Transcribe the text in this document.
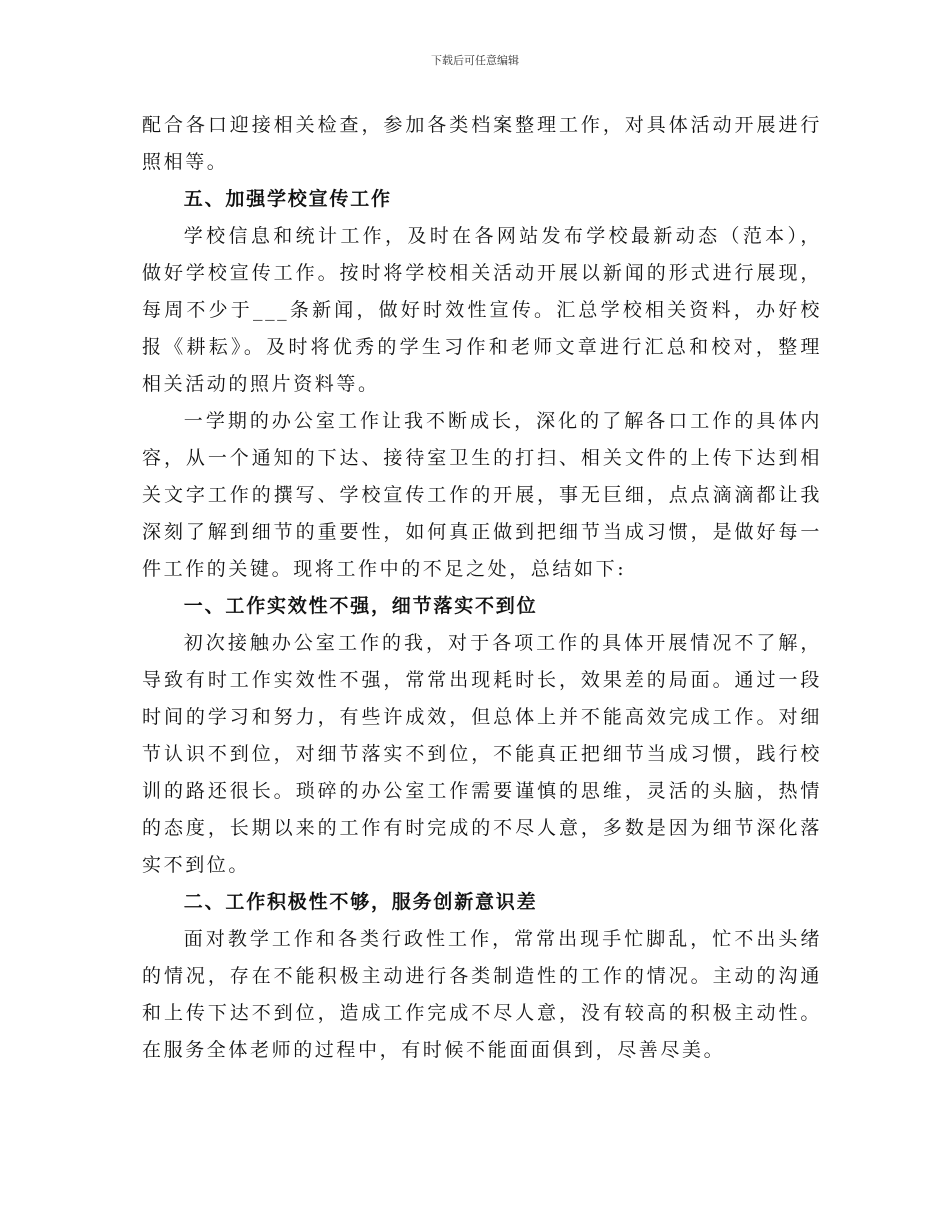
下载后可任意编辑

配合各口迎接相关检查，参加各类档案整理工作，对具体活动开展进行照相等。

五、加强学校宣传工作

学校信息和统计工作，及时在各网站发布学校最新动态（范本），做好学校宣传工作。按时将学校相关活动开展以新闻的形式进行展现，每周不少于___条新闻，做好时效性宣传。汇总学校相关资料，办好校报《耕耘》。及时将优秀的学生习作和老师文章进行汇总和校对，整理相关活动的照片资料等。

一学期的办公室工作让我不断成长，深化的了解各口工作的具体内容，从一个通知的下达、接待室卫生的打扫、相关文件的上传下达到相关文字工作的撰写、学校宣传工作的开展，事无巨细，点点滴滴都让我深刻了解到细节的重要性，如何真正做到把细节当成习惯，是做好每一件工作的关键。现将工作中的不足之处，总结如下:

一、工作实效性不强，细节落实不到位

初次接触办公室工作的我，对于各项工作的具体开展情况不了解，导致有时工作实效性不强，常常出现耗时长，效果差的局面。通过一段时间的学习和努力，有些许成效，但总体上并不能高效完成工作。对细节认识不到位，对细节落实不到位，不能真正把细节当成习惯，践行校训的路还很长。琐碎的办公室工作需要谨慎的思维，灵活的头脑，热情的态度，长期以来的工作有时完成的不尽人意，多数是因为细节深化落实不到位。

二、工作积极性不够，服务创新意识差

面对教学工作和各类行政性工作，常常出现手忙脚乱，忙不出头绪的情况，存在不能积极主动进行各类制造性的工作的情况。主动的沟通和上传下达不到位，造成工作完成不尽人意，没有较高的积极主动性。在服务全体老师的过程中，有时候不能面面俱到，尽善尽美。
